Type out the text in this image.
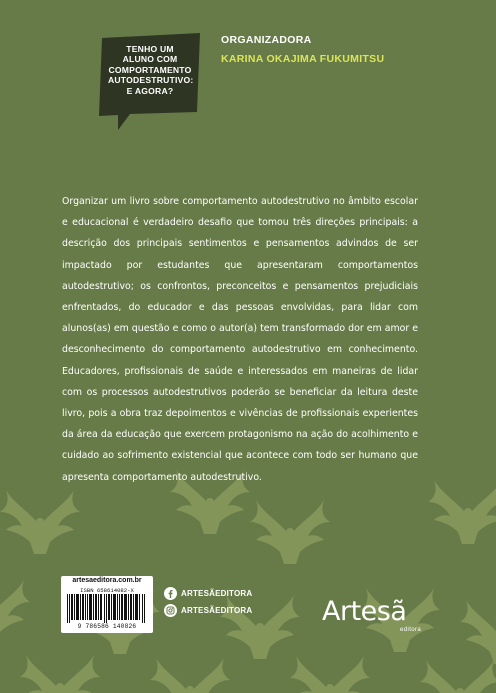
TENHO UM
ALUNO COM
COMPORTAMENTO
AUTODESTRUTIVO:
E AGORA?
ORGANIZADORA
KARINA OKAJIMA FUKUMITSU

Organizar um livro sobre comportamento autodestrutivo no âmbito escolar e educacional é verdadeiro desafio que tomou três direções principais: a descrição dos principais sentimentos e pensamentos advindos de ser impactado por estudantes que apresentaram comportamentos autodestrutivo; os confrontos, preconceitos e pensamentos prejudiciais enfrentados, do educador e das pessoas envolvidas, para lidar com alunos(as) em questão e como o autor(a) tem transformado dor em amor e desconhecimento do comportamento autodestrutivo em conhecimento. Educadores, profissionais de saúde e interessados em maneiras de lidar com os processos autodestrutivos poderão se beneficiar da leitura deste livro, pois a obra traz depoimentos e vivências de profissionais experientes da área da educação que exercem protagonismo na ação do acolhimento e cuidado ao sofrimento existencial que acontece com todo ser humano que apresenta comportamento autodestrutivo.

artesaeditora.com.br
ISBN 658614082-X
9 786586 140826
ARTESÃEDITORA
ARTESÃEDITORA	Artesã
editora
